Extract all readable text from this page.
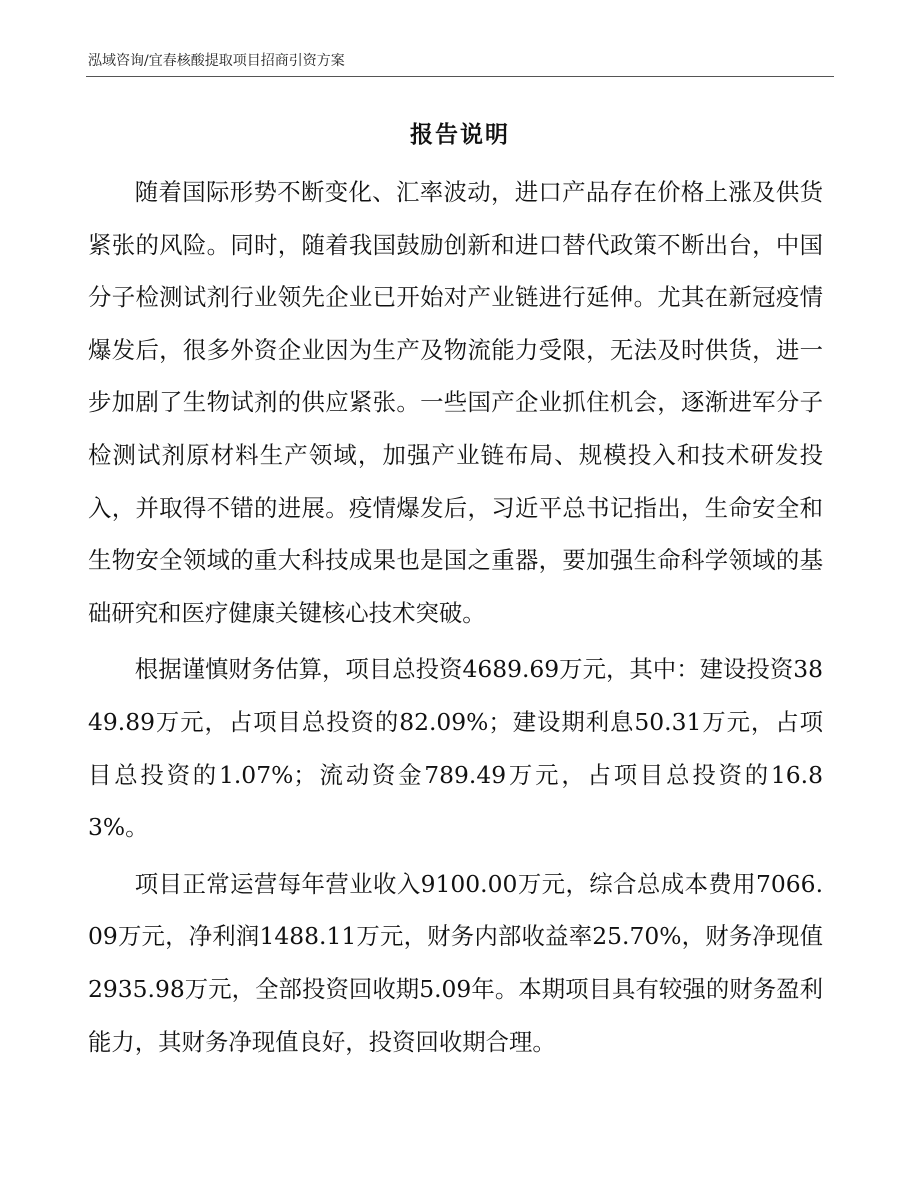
泓域咨询/宜春核酸提取项目招商引资方案
报告说明

随着国际形势不断变化、汇率波动，进口产品存在价格上涨及供货紧张的风险。同时，随着我国鼓励创新和进口替代政策不断出台，中国分子检测试剂行业领先企业已开始对产业链进行延伸。尤其在新冠疫情爆发后，很多外资企业因为生产及物流能力受限，无法及时供货，进一步加剧了生物试剂的供应紧张。一些国产企业抓住机会，逐渐进军分子检测试剂原材料生产领域，加强产业链布局、规模投入和技术研发投入，并取得不错的进展。疫情爆发后，习近平总书记指出，生命安全和生物安全领域的重大科技成果也是国之重器，要加强生命科学领域的基础研究和医疗健康关键核心技术突破。

根据谨慎财务估算，项目总投资4689.69万元，其中：建设投资3849.89万元，占项目总投资的82.09%；建设期利息50.31万元，占项目总投资的1.07%；流动资金789.49万元，占项目总投资的16.83%。

项目正常运营每年营业收入9100.00万元，综合总成本费用7066.09万元，净利润1488.11万元，财务内部收益率25.70%，财务净现值2935.98万元，全部投资回收期5.09年。本期项目具有较强的财务盈利能力，其财务净现值良好，投资回收期合理。
